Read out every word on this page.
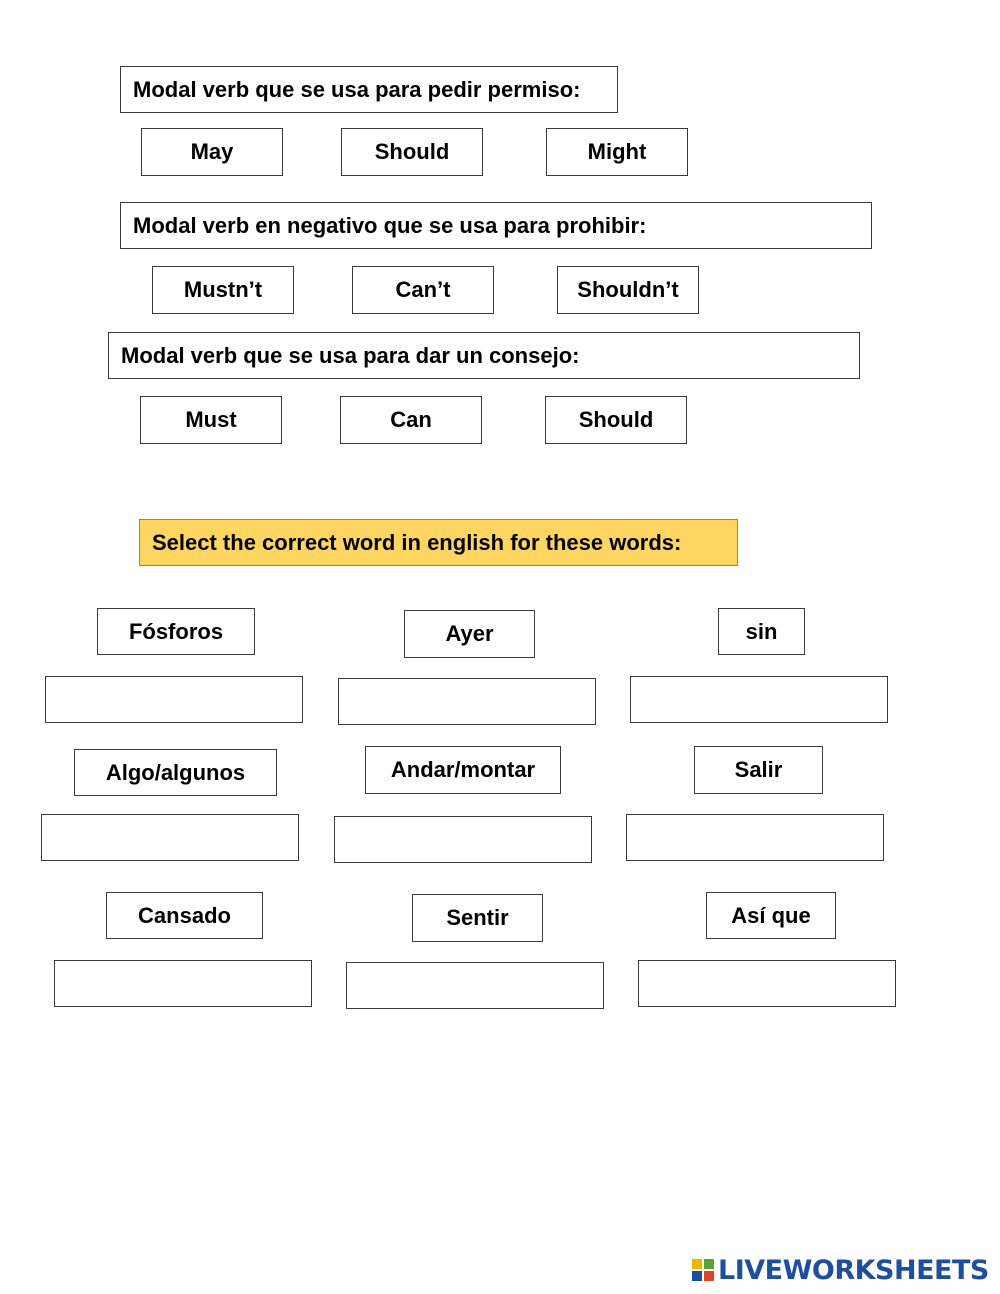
Modal verb que se usa para pedir permiso:
May	Should	Might
Modal verb en negativo que se usa para prohibir:
Mustn’t	Can’t	Shouldn’t
Modal verb que se usa para dar un consejo:
Must	Can	Should
Select the correct word in english for these words:
Fósforos	Ayer	sin
Algo/algunos	Andar/montar	Salir
Cansado	Sentir	Así que
LIVEWORKSHEETS
